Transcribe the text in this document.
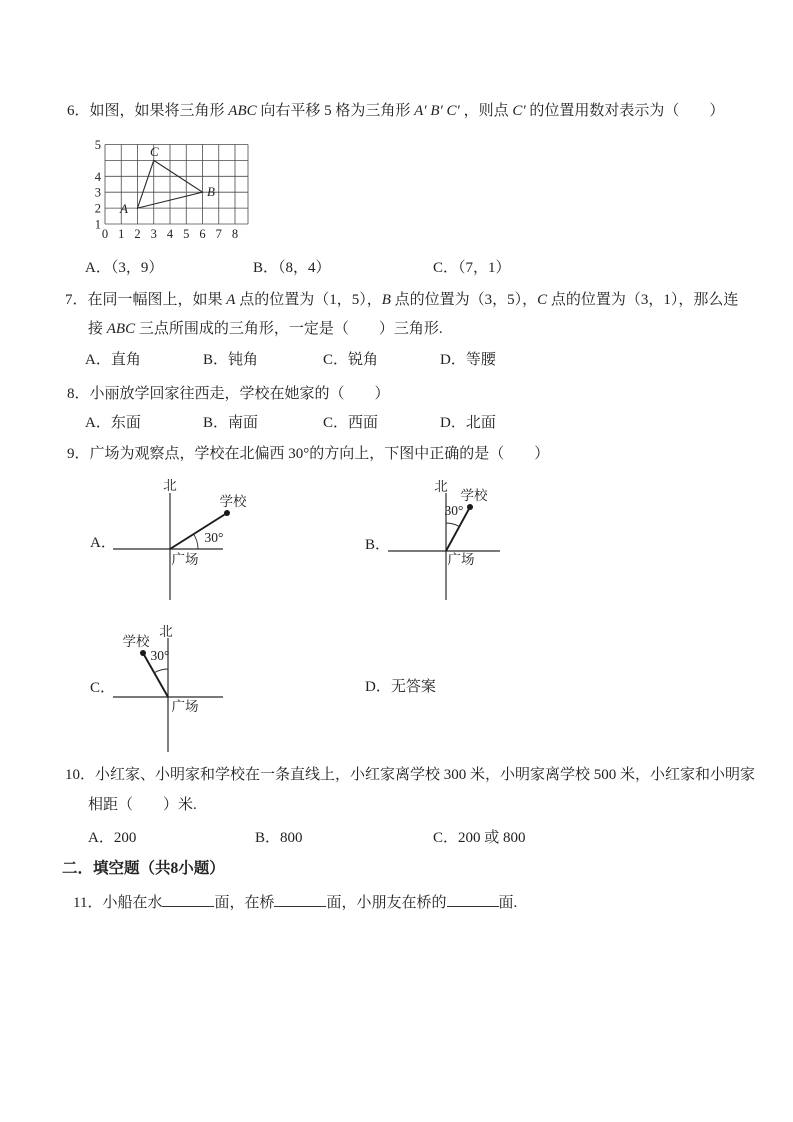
6．如图，如果将三角形 ABC 向右平移 5 格为三角形 A′ B′ C′ ，则点 C′ 的位置用数对表示为（　　）
A
B
C
1
2
3
4
5
0 1 2 3 4 5 6 7 8
A．（3，9）	B．（8，4）	C．（7，1）
7．在同一幅图上，如果 A 点的位置为（1，5），B 点的位置为（3，5），C 点的位置为（3，1），那么连
接 ABC 三点所围成的三角形，一定是（　　）三角形.
A．直角	B．钝角	C．锐角	D．等腰
8．小丽放学回家往西走，学校在她家的（　　）
A．东面	B．南面	C．西面	D．北面
9．广场为观察点，学校在北偏西 30°的方向上，下图中正确的是（　　）
A．
北
学校
30°
广场
B．
北
学校
30°
广场
C．
北
学校
30°
广场
D．无答案
10．小红家、小明家和学校在一条直线上，小红家离学校 300 米，小明家离学校 500 米，小红家和小明家
相距（　　）米.
A．200	B．800	C．200 或 800
二．填空题（共8小题）
11．小船在水	面，在桥	面，小朋友在桥的	面.
